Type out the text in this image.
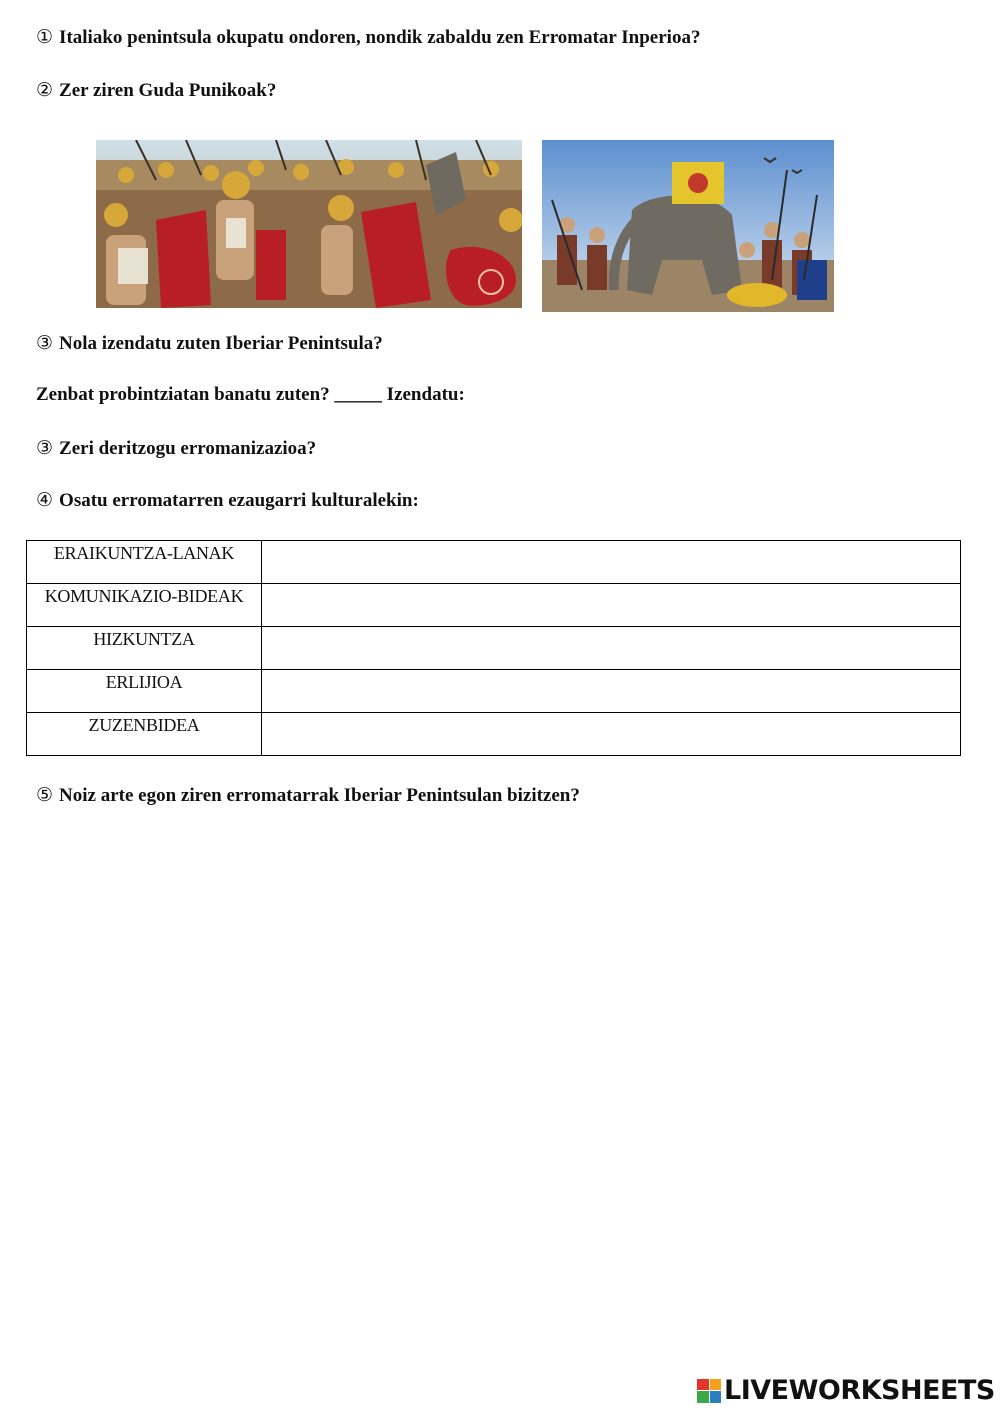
① Italiako penintsula okupatu ondoren, nondik zabaldu zen Erromatar Inperioa?
② Zer ziren Guda Punikoak?
③ Nola izendatu zuten Iberiar Penintsula?
Zenbat probintziatan banatu zuten? _____ Izendatu:
③ Zeri deritzogu erromanizazioa?
④ Osatu erromatarren ezaugarri kulturalekin:
ERAIKUNTZA-LANAK	
KOMUNIKAZIO-BIDEAK	
HIZKUNTZA	
ERLIJIOA	
ZUZENBIDEA	
⑤ Noiz arte egon ziren erromatarrak Iberiar Penintsulan bizitzen?
LIVEWORKSHEETS
